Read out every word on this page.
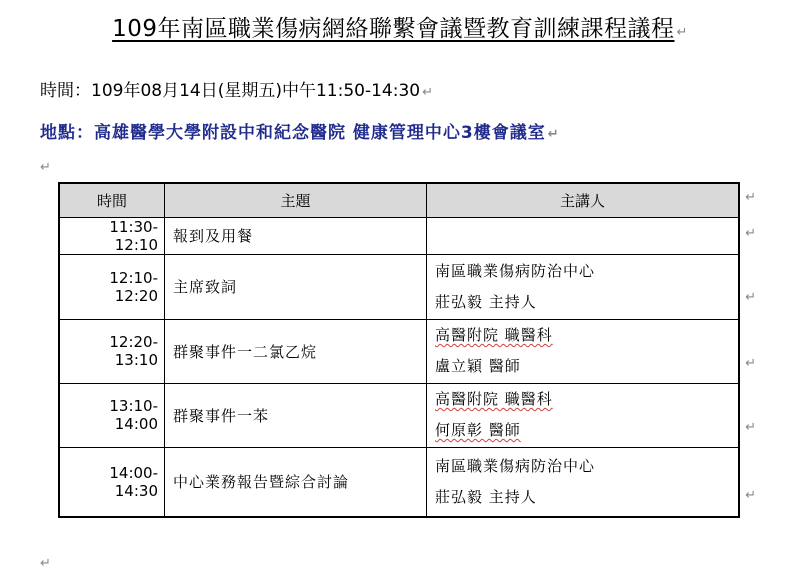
109年南區職業傷病網絡聯繫會議暨教育訓練課程議程 ↵
時間：109年08月14日(星期五)中午11:50-14:30 ↵
地點：高雄醫學大學附設中和紀念醫院 健康管理中心3樓會議室 ↵
↵
時間	主題	主講人
11:30-12:10	報到及用餐	
12:10-12:20	主席致詞	南區職業傷病防治中心
莊弘毅 主持人

12:20-13:10	群聚事件一二氯乙烷	高醫附院 職醫科
盧立穎 醫師

13:10-14:00	群聚事件一苯	高醫附院 職醫科
何原彰 醫師

14:00-14:30	中心業務報告暨綜合討論	南區職業傷病防治中心
莊弘毅 主持人
↵
↵
↵
↵
↵
↵
↵
